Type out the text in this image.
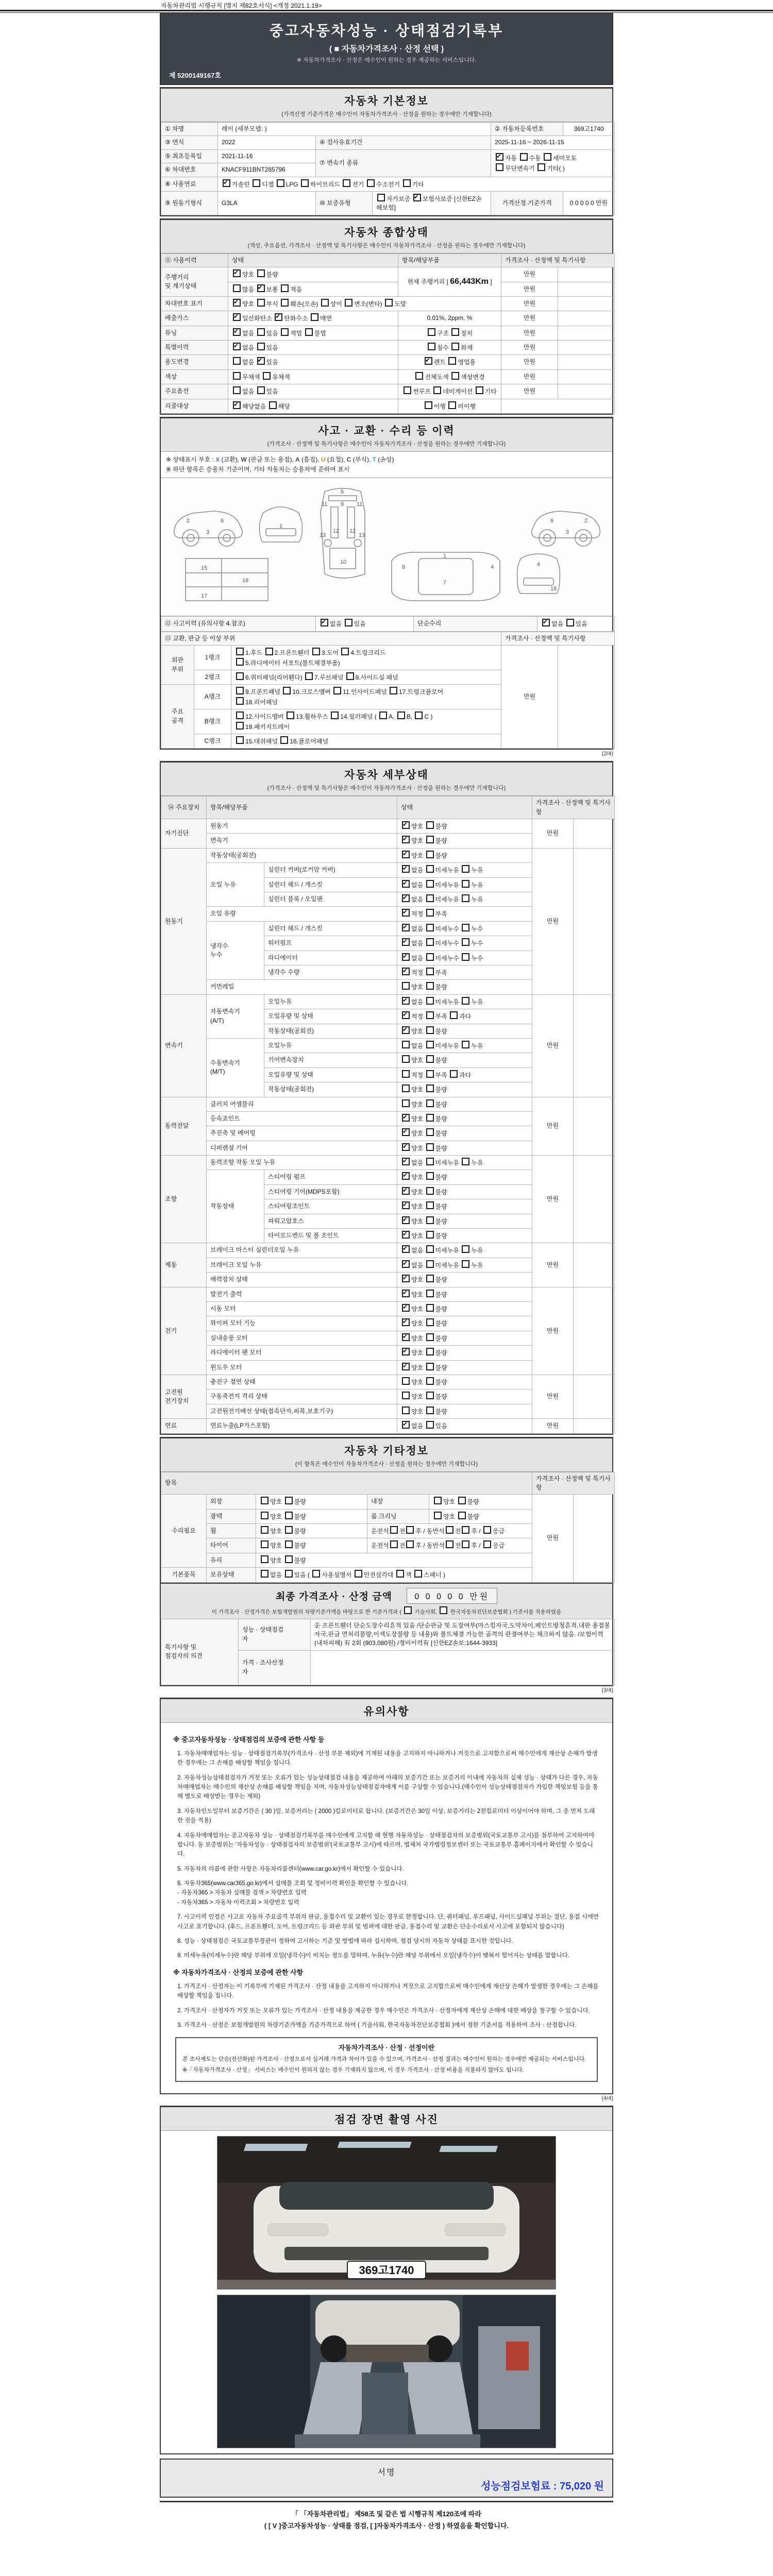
자동차관리법 시행규칙 [별지 제82호서식] <개정 2021.1.19>
중고자동차성능 · 상태점검기록부
( ■ 자동차가격조사 · 산정 선택 )
※ 자동차가격조사 · 산정은 매수인이 원하는 경우 제공하는 서비스입니다.
제 5200149167호
자동차 기본정보
(가격산정 기준가격은 매수인이 자동차가격조사 · 산정을 원하는 경우에만 기재합니다)
① 차명	레이 (세부모델: )			② 자동차등록번호	369고1740
③ 연식	2022	④ 검사유효기간		2025-11-16 ~ 2026-11-15	
⑤ 최초등록일	2021-11-16	⑦ 변속기 종류	✔자동 수동 세미오토
무단변속기 기타( )
⑥ 차대번호	KNACF911BNT285796				
⑧ 사용연료	✔가솔린 디젤 LPG 하이브리드 전기 수소전기 기타
⑨ 원동기형식	G3LA	⑩ 보증유형	자가보증 ✔보험사보증 [신한EZ손해보험]	가격산정 기준가격	0 0 0 0 0 만원
자동차 종합상태
(색상, 주요옵션, 가격조사 · 산정액 및 특기사항은 매수인이 자동차가격조사 · 산정을 원하는 경우에만 기재합니다)
⑪ 사용이력	상태	항목/해당부품	가격조사 · 산정액 및 특기사항	
주행거리
및 계기상태	✔양호 불량	현재 주행거리 [ 66,443Km ]	만원	
	많음 ✔보통 적음		만원	
차대번호 표기	✔양호 부식 훼손(오손) 상이 변조(변타) 도말		만원	
배출가스	✔일산화탄소 ✔탄화수소 매연	0.01%, 2ppm, %	만원	
튜닝	✔없음 있음 적법 불법	구조 장치	만원	
특별이력	✔없음 있음	침수 화재	만원	
용도변경	없음 ✔있음	✔렌트 영업용	만원	
색상	무채색 유채색	전체도색 색상변경	만원	
주요옵션	없음 있음	썬루프 네비게이션 기타	만원	
리콜대상	✔해당없음 해당	이행 미이행		
사고 · 교환 · 수리 등 이력
(가격조사 · 산정액 및 특기사항은 매수인이 자동차가격조사 · 산정을 원하는 경우에만 기재합니다)
※ 상태표시 부호 : X (교환), W (판금 또는 용접), A (흠집), U (요철), C (부식), T (손상)
※ 하단 항목은 승용차 기준이며, 기타 자동차는 승용차에 준하여 표시
2	6
3
1
11	11
5
9
13	13
12 12
10
2
6
3
1
7
4
8	4
18
15
16
17
⑫ 사고이력 (유의사항 4.참조)	✔없음 있음	단순수리	✔없음 있음
⑬ 교환, 판금 등 이상 부위			가격조사 · 산정액 및 특기사항	
외판
부위	1랭크	1.후드 2.프론트휀더 3.도어 4.트렁크리드
5.라디에이터 서포트(볼트체결부품)	만원	
	2랭크	6.쿼터패널(리어휀다) 7.루브패널 8.사이드실 패널		
주요
골격	A랭크	9.프론트패널 10.크로스멤버 11.인사이드패널 17.트렁크플로어
18.리어패널		
	B랭크	12.사이드멤버 13.휠하우스 14.필러패널 ( A, B, C )
19.패키지트레이		
	C랭크	15.대쉬패널 16.플로어패널		
(2/4)
자동차 세부상태
(가격조사 · 산정액 및 특기사항은 매수인이 자동차가격조사 · 산정을 원하는 경우에만 기재합니다)
⑭ 주요장치	항목/해당부품		상태	가격조사 · 산정액 및 특기사항	
자기진단	원동기	✔양호 불량	만원	
	변속기	✔양호 불량
원동기	작동상태(공회전)	✔양호 불량	만원	
	오일 누유	실린더 커버(로커암 커버)	✔없음 미세누유 누유
		실린더 헤드 / 개스킷	✔없음 미세누유 누유
		실린더 블록 / 오일팬	✔없음 미세누유 누유
	오일 유량	✔적정 부족
	냉각수
누수	실린더 헤드 / 개스킷	✔없음 미세누수 누수
		워터펌프	✔없음 미세누수 누수
		라디에이터	✔없음 미세누수 누수
		냉각수 수량	✔적정 부족
	커먼레일		양호 불량		
변속기	자동변속기
(A/T)	오일누유	✔없음 미세누유 누유	만원	
		오일유량 및 상태	✔적정 부족 과다
		작동상태(공회전)	✔양호 불량
	수동변속기
(M/T)	오일누유	없음 미세누유 누유		
		기어변속장치	양호 불량		
		오일유량 및 상태	적정 부족 과다		
		작동상태(공회전)	양호 불량		
동력전달	클러치 어셈블리		양호 불량	만원	
	등속죠인트	✔양호 불량
	추진축 및 베어링	✔양호 불량
	디퍼렌셜 기어	✔양호 불량
조향	동력조향 작동 오일 누유	✔없음 미세누유 누유	만원	
	작동상태	스티어링 펌프	✔양호 불량
		스티어링 기어(MDPS포함)	✔양호 불량
		스티어링조인트	✔양호 불량
		파워고압호스	✔양호 불량
		타이로드엔드 및 볼 조인트	✔양호 불량
제동	브레이크 마스터 실린더오일 누유	✔없음 미세누유 누유	만원	
	브레이크 오일 누유	✔없음 미세누유 누유
	배력장치 상태	✔양호 불량
전기	발전기 출력	✔양호 불량	만원	
	시동 모터	✔양호 불량
	와이퍼 모터 기능	✔양호 불량
	실내송풍 모터	✔양호 불량
	라디에이터 팬 모터	✔양호 불량
	윈도우 모터	✔양호 불량
고전원
전기장치	충전구 절연 상태		양호 불량	만원	
	구동축전지 격리 상태		양호 불량		
	고전원전기배선 상태(접속단자,피복,보호기구)		양호 불량		
연료	연료누출(LP가스포함)	✔없음 있음	만원	
자동차 기타정보
(이 항목은 매수인이 자동차가격조사 · 산정을 원하는 경우에만 기재합니다)
항목					가격조사 · 산정액 및 특기사항	
수리필요	외장	양호 불량	내장	양호 불량	만원	
	광택	양호 불량	룸 크리닝	양호 불량		
	휠	양호 불량	운전석 전 후 / 동반석 전 후 / 응급			
	타이어	양호 불량	운전석 전 후 / 동반석 전 후 / 응급			
	유리	양호 불량				
기본품목	보유상태	없음 있음 ( 사용설명서 안전삼각대 잭 스패너 )				
최종 가격조사 · 산정 금액	0 0 0 0 0 만원
이 가격조사 · 산정가격은 보험개발원의 차량기준가액을 바탕으로 한 기준가격과 (  기술사회,  한국자동차진단보증협회 ) 기준서를 적용하였음
특기사항 및
점검자의 의견	성능 · 상태점검
자	운 프론트휀더 단순도장수리흔적 있음 /단순판금 및 도장여부(마스킹자국,도막차이,페인트방청흔적,내판 용접봉자국,판금 면처리불량,이색도장불량 등 내용)와 볼트체결 가능한 골격의 판결여부는 체크하지 않음. /보험이력(내차피해) 有 2회 (903,080원) /정비이력有 [신한EZ손보:1644-3933]
	가격 · 조사산정
자	
(3/4)
유의사항
※ 중고자동차성능 · 상태점검의 보증에 관한 사항 등
1. 자동차매매업자는 성능 · 상태점검기록부(가격조사 · 산정 부분 제외)에 기재된 내용을 고지하지 아니하거나 거짓으로 고지함으로써 매수인에게 재산상 손해가 발생한 경우에는 그 손해를 배상할 책임을 집니다.
2. 자동차성능상태점검자가 거짓 또는 오류가 있는 성능상태점검 내용을 제공하여 아래의 보증기간 또는 보증거리 이내에 자동차의 실제 성능 · 상태가 다른 경우, 자동차매매업자는 매수인의 재산상 손해를 배상할 책임을 지며, 자동차성능상태점검자에게 이를 구상할 수 있습니다.(매수인이 성능상태점검자가 가입한 책임보험 등을 통해 별도로 배상받는 경우는 제외)
3. 자동차인도일부터 보증기간은 ( 30 )일, 보증거리는 ( 2000 )킬로미터로 합니다. (보증기간은 30일 이상, 보증거리는 2천킬로미터 이상이어야 하며, 그 중 먼저 도래한 것을 적용)
4. 자동차매매업자는 중고자동차 성능 · 상태점검기록부를 매수인에게 고지할 때 현행 자동차성능 · 상태점검자의 보증범위(국토교통부 고시)를 첨부하여 고지하여야 합니다. 동 보증범위는 '자동차성능 · 상태점검자의 보증범위'(국토교통부 고시)에 따르며, 법제처 국가법령정보센터 또는 국토교통부 홈페이지에서 확인할 수 있습니다.
5. 자동차의 리콜에 관한 사항은 자동차리콜센터(www.car.go.kr)에서 확인할 수 있습니다.
6. 자동차365(www.car365.go.kr)에서 실매물 조회 및 정비이력 확인을 확인할 수 있습니다.
- 자동차365 > 자동차 실매물 검색 > 차량번호 입력
- 자동차365 > 자동차 이력조회 > 차량번호 입력
7. 사고이력 인정은 사고로 자동차 주요골격 부위의 판금, 용접수리 및 교환이 있는 경우로 한정합니다. 단, 쿼터패널, 루프패널, 사이드실패널 부위는 절단, 용접 시에만 사고로 표기합니다. (후드, 프론트휀더, 도어, 트렁크리드 등 외판 부위 및 범퍼에 대한 판금, 용접수리 및 교환은 단순수리로서 사고에 포함되지 않습니다)
8. 성능 · 상태점검은 국토교통부장관이 정하여 고시하는 기준 및 방법에 따라 실시하며, 점검 당시의 자동차 상태를 표시한 것입니다.
9. 미세누유(미세누수)란 해당 부위에 오일(냉각수)이 비치는 정도를 말하며, 누유(누수)란 해당 부위에서 오일(냉각수)이 맺혀서 떨어지는 상태를 말합니다.
※ 자동차가격조사 · 산정의 보증에 관한 사항
1. 가격조사 · 산정자는 이 기록부에 기재된 가격조사 · 산정 내용을 고지하지 아니하거나 거짓으로 고지함으로써 매수인에게 재산상 손해가 발생한 경우에는 그 손해를 배상할 책임을 집니다.
2. 가격조사 · 산정자가 거짓 또는 오류가 있는 가격조사 · 산정 내용을 제공한 경우 매수인은 가격조사 · 산정자에게 재산상 손해에 대한 배상을 청구할 수 있습니다.
3. 가격조사 · 산정은 보험개발원의 차량기준가액을 기준가격으로 하여 ( 기술사회, 한국자동차진단보증협회 )에서 정한 기준서를 적용하여 조사 · 산정합니다.
자동차가격조사 · 산정 · 선정이란
본 조사제도는 단순(전산화)된 가격조사 · 산정으로서 실거래 가격과 차이가 있을 수 있으며, 가격조사 · 산정 결과는 매수인이 원하는 경우에만 제공되는 서비스입니다.
※「자동차가격조사 · 산정」 서비스는 매수인이 원하지 않는 경우 기재하지 않으며, 이 경우 가격조사 · 산정 비용을 지불하지 않아도 됩니다.
(4/4)
점검 장면 촬영 사진
369고1740
서명
성능점검보험료 : 75,020 원
「 「자동차관리법」 제58조 및 같은 법 시행규칙 제120조에 따라
( [ V ]중고자동차성능 · 상태를 점검, [ ]자동차가격조사 · 산정 ) 하였음을 확인합니다.
